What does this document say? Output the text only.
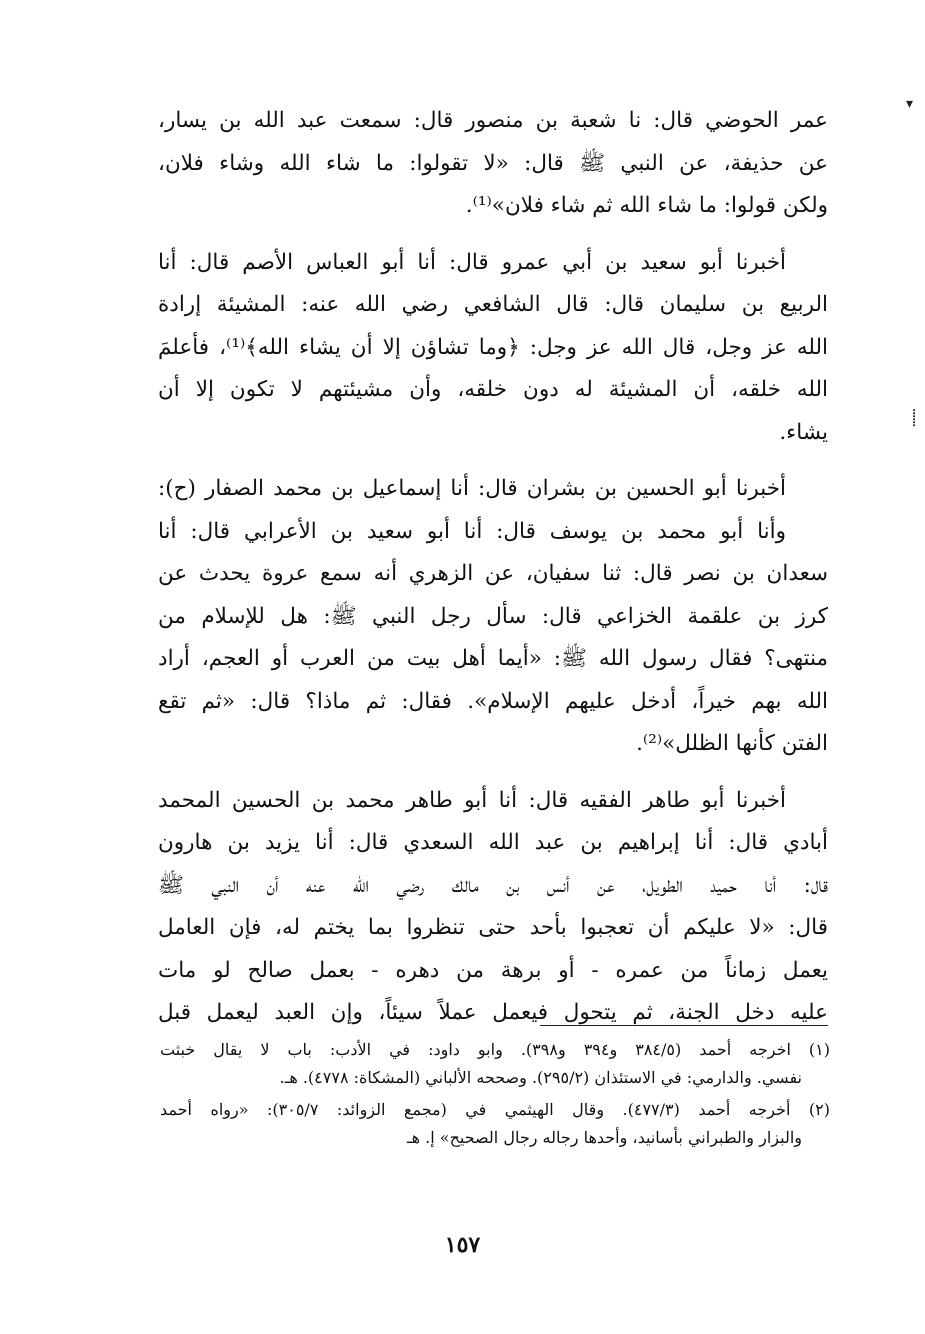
عمر الحوضي قال: نا شعبة بن منصور قال: سمعت عبد الله بن يسار،
عن حذيفة، عن النبي ﷺ قال: «لا تقولوا: ما شاء الله وشاء فلان،
ولكن قولوا: ما شاء الله ثم شاء فلان»⁽¹⁾.

أخبرنا أبو سعيد بن أبي عمرو قال: أنا أبو العباس الأصم قال: أنا
الربيع بن سليمان قال: قال الشافعي رضي الله عنه: المشيئة إرادة
الله عز وجل، قال الله عز وجل: ﴿وما تشاؤن إلا أن يشاء الله﴾⁽¹⁾، فأعلمَ
الله خلقه، أن المشيئة له دون خلقه، وأن مشيئتهم لا تكون إلا أن
يشاء.

أخبرنا أبو الحسين بن بشران قال: أنا إسماعيل بن محمد الصفار (ح):
وأنا أبو محمد بن يوسف قال: أنا أبو سعيد بن الأعرابي قال: أنا
سعدان بن نصر قال: ثنا سفيان، عن الزهري أنه سمع عروة يحدث عن
كرز بن علقمة الخزاعي قال: سأل رجل النبي ﷺ: هل للإسلام من
منتهى؟ فقال رسول الله ﷺ: «أيما أهل بيت من العرب أو العجم، أراد
الله بهم خيراً، أدخل عليهم الإسلام». فقال: ثم ماذا؟ قال: «ثم تقع
الفتن كأنها الظلل»⁽²⁾.

أخبرنا أبو طاهر الفقيه قال: أنا أبو طاهر محمد بن الحسين المحمد
أبادي قال: أنا إبراهيم بن عبد الله السعدي قال: أنا يزيد بن هارون
قال: أنا حميد الطويل، عن أنس بن مالك رضي الله عنه أن النبي ﷺ
قال: «لا عليكم أن تعجبوا بأحد حتى تنظروا بما يختم له، فإن العامل
يعمل زماناً من عمره - أو برهة من دهره - بعمل صالح لو مات
عليه دخل الجنة، ثم يتحول فيعمل عملاً سيئاً، وإن العبد ليعمل قبل

(١) اخرجه أحمد (٣٨٤/٥ و٣٩٤ و٣٩٨). وابو داود: في الأدب: باب لا يقال خبثت
نفسي. والدارمي: في الاستئذان (٢٩٥/٢). وصححه الألباني (المشكاة: ٤٧٧٨). هـ.

(٢) أخرجه أحمد (٤٧٧/٣). وقال الهيثمي في (مجمع الزوائد: ٣٠٥/٧): «رواه أحمد
والبزار والطبراني بأسانيد، وأحدها رجاله رجال الصحيح» إ. هـ

١٥٧
▾
⸽
